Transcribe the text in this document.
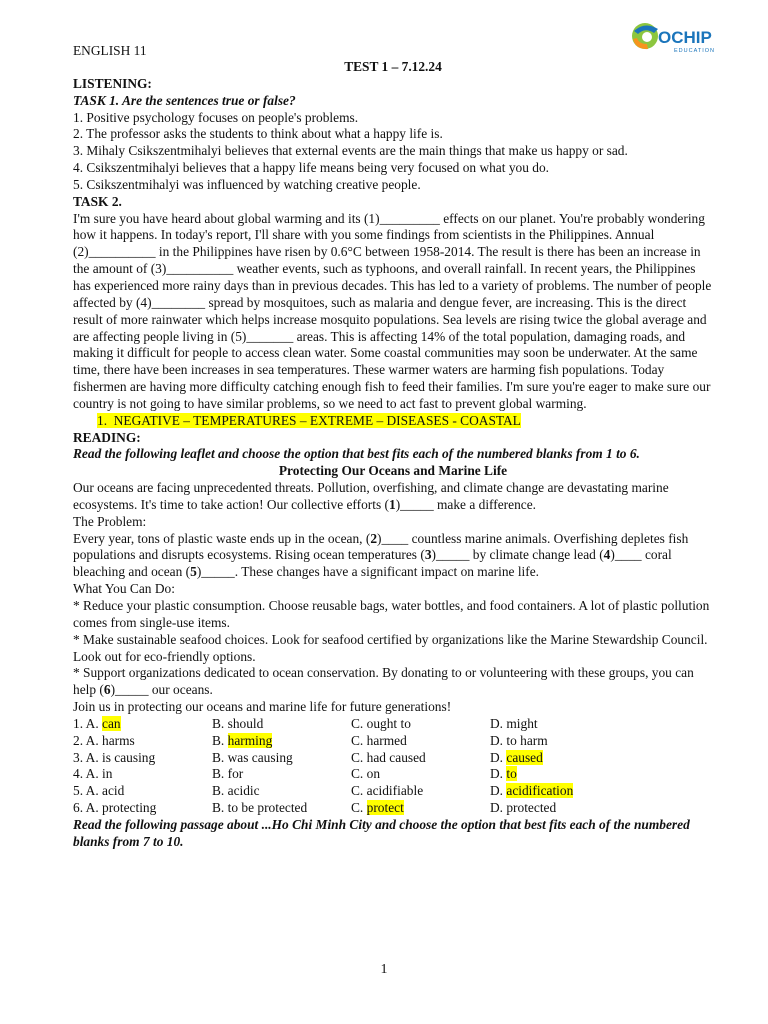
OCHIP
EDUCATION
ENGLISH 11

TEST 1 – 7.12.24

LISTENING:

TASK 1. Are the sentences true or false?

1. Positive psychology focuses on people's problems.

2. The professor asks the students to think about what a happy life is.

3. Mihaly Csikszentmihalyi believes that external events are the main things that make us happy or sad.

4. Csikszentmihalyi believes that a happy life means being very focused on what you do.

5. Csikszentmihalyi was influenced by watching creative people.

TASK 2.

I'm sure you have heard about global warming and its (1)_________ effects on our planet. You're probably wondering how it happens. In today's report, I'll share with you some findings from scientists in the Philippines. Annual (2)__________ in the Philippines have risen by 0.6°C between 1958-2014. The result is there has been an increase in the amount of (3)__________ weather events, such as typhoons, and overall rainfall. In recent years, the Philippines has experienced more rainy days than in previous decades. This has led to a variety of problems. The number of people affected by (4)________ spread by mosquitoes, such as malaria and dengue fever, are increasing. This is the direct result of more rainwater which helps increase mosquito populations. Sea levels are rising twice the global average and are affecting people living in (5)_______ areas. This is affecting 14% of the total population, damaging roads, and making it difficult for people to access clean water. Some coastal communities may soon be underwater. At the same time, there have been increases in sea temperatures. These warmer waters are harming fish populations. Today fishermen are having more difficulty catching enough fish to feed their families. I'm sure you're eager to make sure our country is not going to have similar problems, so we need to act fast to prevent global warming.

1. NEGATIVE – TEMPERATURES – EXTREME – DISEASES - COASTAL

READING:

Read the following leaflet and choose the option that best fits each of the numbered blanks from 1 to 6.

Protecting Our Oceans and Marine Life

Our oceans are facing unprecedented threats. Pollution, overfishing, and climate change are devastating marine ecosystems. It's time to take action! Our collective efforts (1)_____ make a difference.

The Problem:

Every year, tons of plastic waste ends up in the ocean, (2)____ countless marine animals. Overfishing depletes fish populations and disrupts ecosystems. Rising ocean temperatures (3)_____ by climate change lead (4)____ coral bleaching and ocean (5)_____. These changes have a significant impact on marine life.

What You Can Do:

* Reduce your plastic consumption. Choose reusable bags, water bottles, and food containers. A lot of plastic pollution comes from single-use items.

* Make sustainable seafood choices. Look for seafood certified by organizations like the Marine Stewardship Council. Look out for eco-friendly options.

* Support organizations dedicated to ocean conservation. By donating to or volunteering with these groups, you can help (6)_____ our oceans.

Join us in protecting our oceans and marine life for future generations!

1. A. can	B. should	C. ought to	D. might
2. A. harms	B. harming	C. harmed	D. to harm
3. A. is causing	B. was causing	C. had caused	D. caused
4. A. in	B. for	C. on	D. to
5. A. acid	B. acidic	C. acidifiable	D. acidification
6. A. protecting	B. to be protected	C. protect	D. protected

Read the following passage about ...Ho Chi Minh City and choose the option that best fits each of the numbered blanks from 7 to 10.

1
